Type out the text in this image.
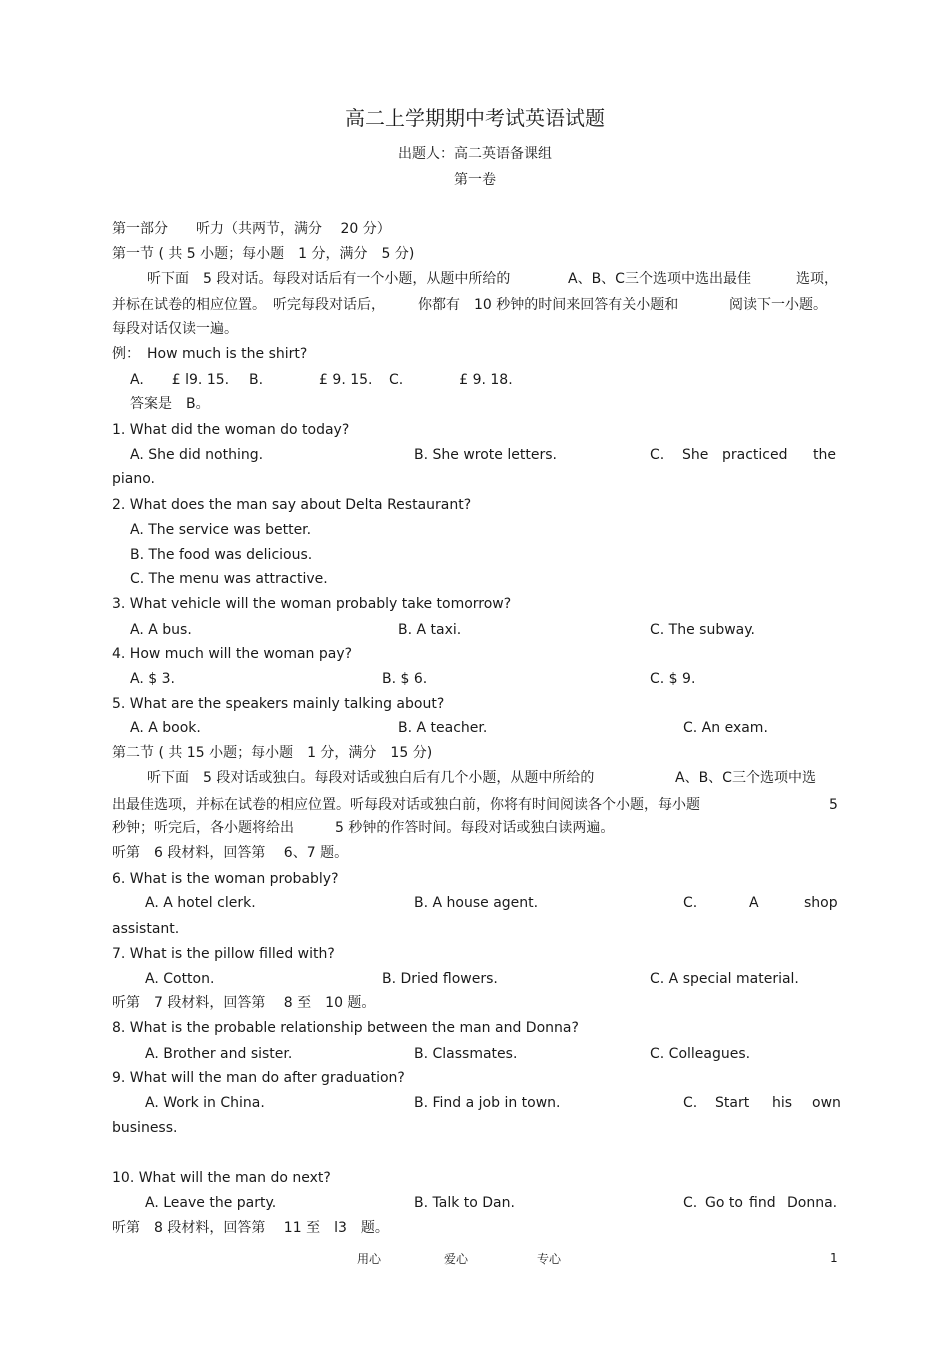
高二上学期期中考试英语试题
出题人：高二英语备课组
第一卷
第一部分　　听力（共两节，满分　 20 分）
第一节 ( 共 5 小题；每小题　1 分，满分　5 分)
听下面　5 段对话。每段对话后有一个小题，从题中所给的	A、B、C三个选项中选出最佳	选项，
并标在试卷的相应位置。　听完每段对话后， 你都有　10 秒钟的时间来回答有关小题和	阅读下一小题。
每段对话仅读一遍。
例：　How much is the shirt?
A.　　£ l9. 15. B.　　　　£ 9. 15. C.　　　　£ 9. 18.
答案是　B。
1. What did the woman do today?
A. She did nothing.	B. She wrote letters.	C. She practiced the
piano.
2. What does the man say about Delta Restaurant?
A. The service was better.
B. The food was delicious.
C. The menu was attractive.
3. What vehicle will the woman probably take tomorrow?
A. A bus.	B. A taxi.	C. The subway.
4. How much will the woman pay?
A. $ 3.	B. $ 6.	C. $ 9.
5. What are the speakers mainly talking about?
A. A book.	B. A teacher.	C. An exam.
第二节 ( 共 15 小题；每小题　1 分，满分　15 分)
听下面　5 段对话或独白。每段对话或独白后有几个小题，从题中所给的	A、B、C三个选项中选
出最佳选项，并标在试卷的相应位置。听每段对话或独白前，你将有时间阅读各个小题，每小题	5
秒钟；听完后，各小题将给出	5 秒钟的作答时间。每段对话或独白读两遍。
听第　6 段材料，回答第　 6、7 题。
6. What is the woman probably?
A. A hotel clerk.	B. A house agent.	C.	A	shop
assistant.
7. What is the pillow filled with?
A. Cotton.	B. Dried flowers.	C. A special material.
听第　7 段材料，回答第　 8 至　10 题。
8. What is the probable relationship between the man and Donna?
A. Brother and sister.	B. Classmates.	C. Colleagues.
9. What will the man do after graduation?
A. Work in China.	B. Find a job in town.	C. Start his own
business.
10. What will the man do next?
A. Leave the party.	B. Talk to Dan.	C. Go to find Donna.
听第　8 段材料，回答第　 11 至　l3　题。
用心	爱心	专心	1
